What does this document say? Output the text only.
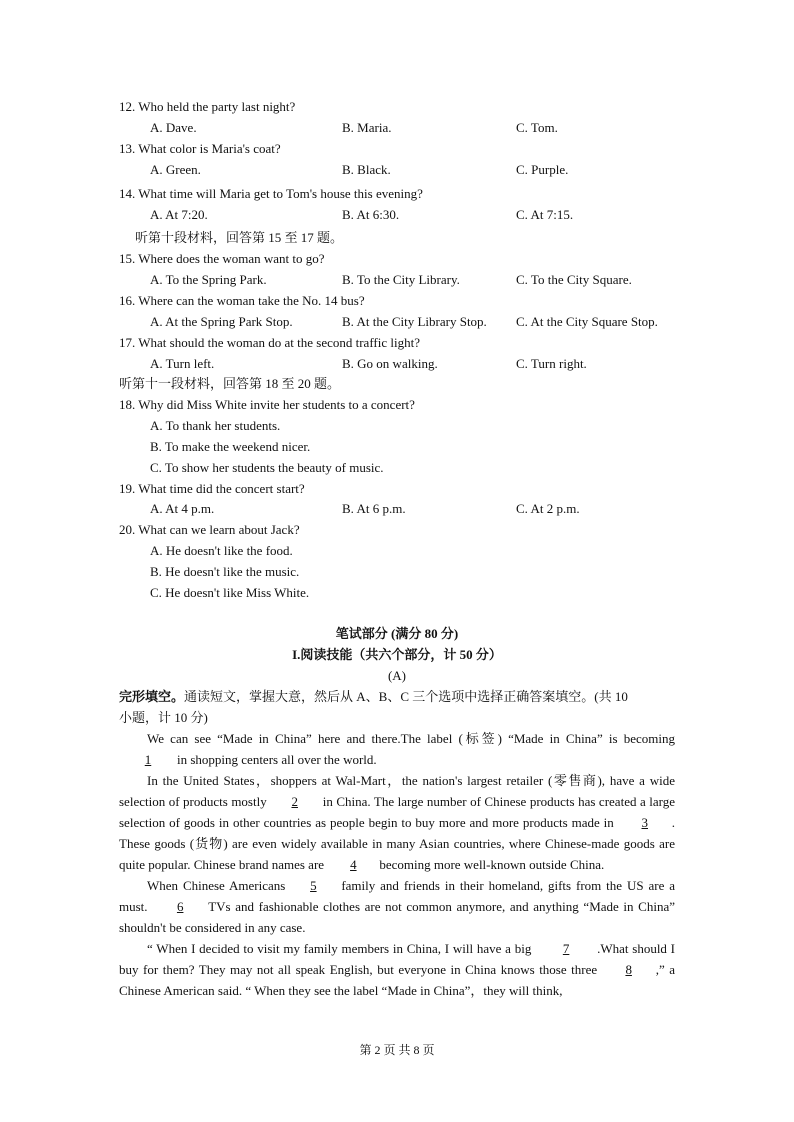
12. Who held the party last night?
A. Dave.	B. Maria.	C. Tom.
13. What color is Maria's coat?
A. Green.	B. Black.	C. Purple.
14. What time will Maria get to Tom's house this evening?
A. At 7:20.	B. At 6:30.	C. At 7:15.
听第十段材料，回答第 15 至 17 题。
15. Where does the woman want to go?
A. To the Spring Park.	B. To the City Library.	C. To the City Square.
16. Where can the woman take the No. 14 bus?
A. At the Spring Park Stop.	B. At the City Library Stop. C. At the City Square Stop.
17. What should the woman do at the second traffic light?
A. Turn left.	B. Go on walking.	C. Turn right.
听第十一段材料，回答第 18 至 20 题。
18. Why did Miss White invite her students to a concert?
A. To thank her students.
B. To make the weekend nicer.
C. To show her students the beauty of music.
19. What time did the concert start?
A. At 4 p.m.	B. At 6 p.m.	C. At 2 p.m.
20. What can we learn about Jack?
A. He doesn't like the food.
B. He doesn't like the music.
C. He doesn't like Miss White.
笔试部分 (满分 80 分)
I.阅读技能（共六个部分，计 50 分）
(A)

完形填空。通读短文，掌握大意，然后从 A、B、C 三个选项中选择正确答案填空。(共 10

小题，计 10 分)

We can see “Made in China” here and there.The label (标签) “Made in China” is becoming 1 in shopping centers all over the world.

In the United States，shoppers at Wal-Mart，the nation's largest retailer (零售商), have a wide selection of products mostly 2 in China. The large number of Chinese products has created a large selection of goods in other countries as people begin to buy more and more products made in 3 . These goods (货物) are even widely available in many Asian countries, where Chinese-made goods are quite popular. Chinese brand names are 4 becoming more well-known outside China.

When Chinese Americans 5 family and friends in their homeland, gifts from the US are a must. 6 TVs and fashionable clothes are not common anymore, and anything “Made in China” shouldn't be considered in any case.

“ When I decided to visit my family members in China, I will have a big 7 .What should I buy for them? They may not all speak English, but everyone in China knows those three 8 ,” a Chinese American said. “ When they see the label “Made in China”，they will think,

第 2 页 共 8 页
